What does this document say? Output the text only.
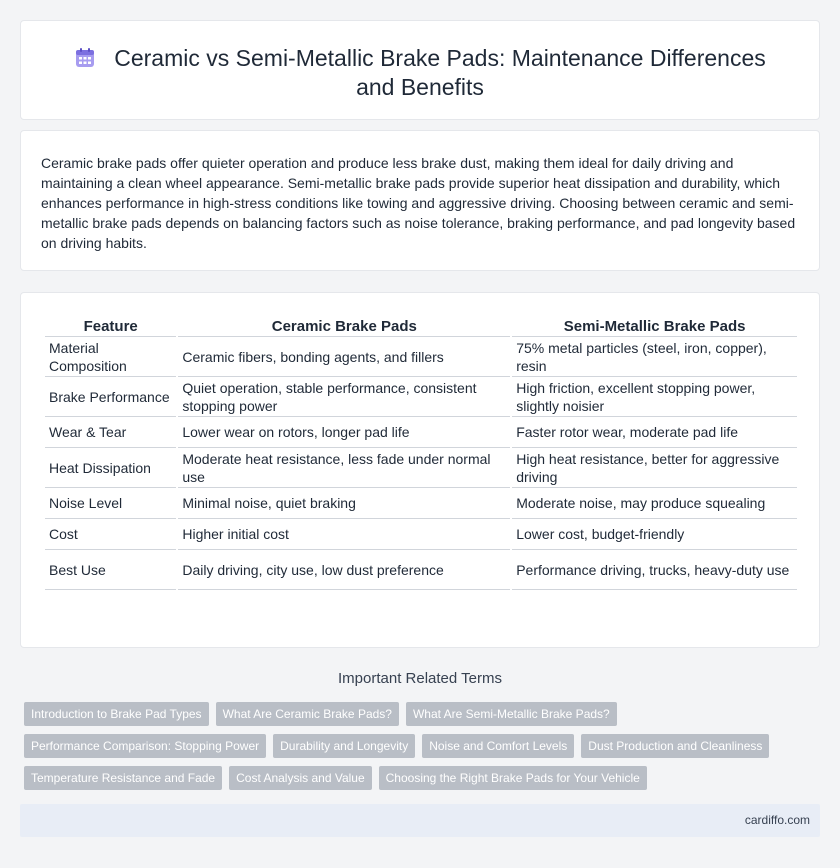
Ceramic vs Semi-Metallic Brake Pads: Maintenance Differences and Benefits

Ceramic brake pads offer quieter operation and produce less brake dust, making them ideal for daily driving and maintaining a clean wheel appearance. Semi-metallic brake pads provide superior heat dissipation and durability, which enhances performance in high-stress conditions like towing and aggressive driving. Choosing between ceramic and semi-metallic brake pads depends on balancing factors such as noise tolerance, braking performance, and pad longevity based on driving habits.

Feature	Ceramic Brake Pads	Semi-Metallic Brake Pads
Material Composition	Ceramic fibers, bonding agents, and fillers	75% metal particles (steel, iron, copper), resin
Brake Performance	Quiet operation, stable performance, consistent stopping power	High friction, excellent stopping power, slightly noisier
Wear & Tear	Lower wear on rotors, longer pad life	Faster rotor wear, moderate pad life
Heat Dissipation	Moderate heat resistance, less fade under normal use	High heat resistance, better for aggressive driving
Noise Level	Minimal noise, quiet braking	Moderate noise, may produce squealing
Cost	Higher initial cost	Lower cost, budget-friendly
Best Use	Daily driving, city use, low dust preference	Performance driving, trucks, heavy-duty use
Important Related Terms
Introduction to Brake Pad Types	What Are Ceramic Brake Pads?	What Are Semi-Metallic Brake Pads?
Performance Comparison: Stopping Power	Durability and Longevity	Noise and Comfort Levels	Dust Production and Cleanliness
Temperature Resistance and Fade	Cost Analysis and Value	Choosing the Right Brake Pads for Your Vehicle
cardiffo.com
